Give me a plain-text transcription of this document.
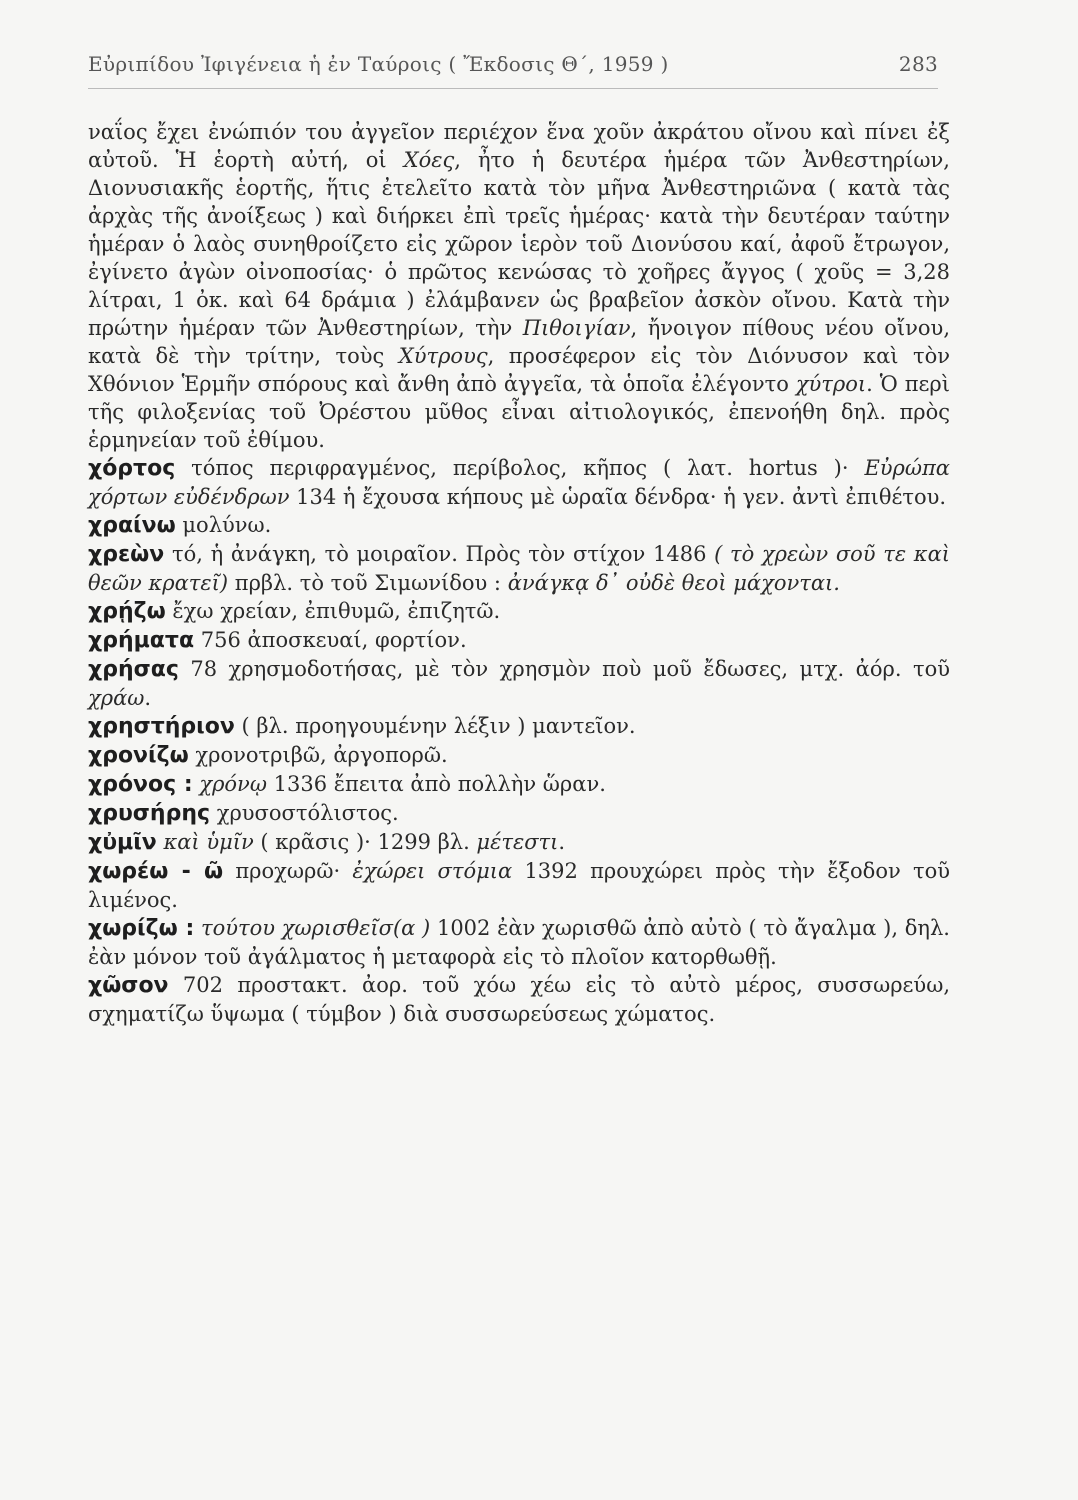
Εὐριπίδου Ἰφιγένεια ἡ ἐν Ταύροις ( Ἔκδοσις Θ΄, 1959 )	283

ναΐος ἔχει ἐνώπιόν του ἀγγεῖον περιέχον ἕνα χοῦν ἀκράτου οἴνου καὶ πίνει ἐξ αὐτοῦ. Ἡ ἑορτὴ αὐτή, οἱ Χόες, ἦτο ἡ δευτέρα ἡμέρα τῶν Ἀνθεστηρίων, Διονυσιακῆς ἑορτῆς, ἥτις ἐτελεῖτο κατὰ τὸν μῆνα Ἀνθεστηριῶνα ( κατὰ τὰς ἀρχὰς τῆς ἀνοίξεως ) καὶ διήρκει ἐπὶ τρεῖς ἡμέρας· κατὰ τὴν δευτέραν ταύτην ἡμέραν ὁ λαὸς συνηθροίζετο εἰς χῶρον ἱερὸν τοῦ Διονύσου καί, ἀφοῦ ἔτρωγον, ἐγίνετο ἀγὼν οἰνοποσίας· ὁ πρῶτος κενώσας τὸ χοῆρες ἄγγος ( χοῦς = 3,28 λίτραι, 1 ὀκ. καὶ 64 δράμια ) ἐλάμβανεν ὡς βραβεῖον ἀσκὸν οἴνου. Κατὰ τὴν πρώτην ἡμέραν τῶν Ἀνθεστηρίων, τὴν Πιθοιγίαν, ἤνοιγον πίθους νέου οἴνου, κατὰ δὲ τὴν τρίτην, τοὺς Χύτρους, προσέφερον εἰς τὸν Διόνυσον καὶ τὸν Χθόνιον Ἑρμῆν σπόρους καὶ ἄνθη ἀπὸ ἀγγεῖα, τὰ ὁποῖα ἐλέγοντο χύτροι. Ὁ περὶ τῆς φιλοξενίας τοῦ Ὀρέστου μῦθος εἶναι αἰτιολογικός, ἐπενοήθη δηλ. πρὸς ἑρμηνείαν τοῦ ἐθίμου.

χόρτος τόπος περιφραγμένος, περίβολος, κῆπος ( λατ. hortus )· Εὐρώπα χόρτων εὐδένδρων 134 ἡ ἔχουσα κήπους μὲ ὡραῖα δένδρα· ἡ γεν. ἀντὶ ἐπιθέτου.

χραίνω μολύνω.

χρεὼν τό, ἡ ἀνάγκη, τὸ μοιραῖον. Πρὸς τὸν στίχον 1486 ( τὸ χρεὼν σοῦ τε καὶ θεῶν κρατεῖ) πρβλ. τὸ τοῦ Σιμωνίδου : ἀνάγκᾳ δ᾽ οὐδὲ θεοὶ μάχονται.

χρῄζω ἔχω χρείαν, ἐπιθυμῶ, ἐπιζητῶ.

χρήματα 756 ἀποσκευαί, φορτίον.

χρήσας 78 χρησμοδοτήσας, μὲ τὸν χρησμὸν ποὺ μοῦ ἔδωσες, μτχ. ἀόρ. τοῦ χράω.

χρηστήριον ( βλ. προηγουμένην λέξιν ) μαντεῖον.

χρονίζω χρονοτριβῶ, ἀργοπορῶ.

χρόνος : χρόνῳ 1336 ἔπειτα ἀπὸ πολλὴν ὥραν.

χρυσήρης χρυσοστόλιστος.

χὐμῖν καὶ ὑμῖν ( κρᾶσις )· 1299 βλ. μέτεστι.

χωρέω - ῶ προχωρῶ· ἐχώρει στόμια 1392 προυχώρει πρὸς τὴν ἔξοδον τοῦ λιμένος.

χωρίζω : τούτου χωρισθεῖσ(α ) 1002 ἐὰν χωρισθῶ ἀπὸ αὐτὸ ( τὸ ἄγαλμα ), δηλ. ἐὰν μόνον τοῦ ἀγάλματος ἡ μεταφορὰ εἰς τὸ πλοῖον κατορθωθῇ.

χῶσον 702 προστακτ. ἀορ. τοῦ χόω χέω εἰς τὸ αὐτὸ μέρος, συσσωρεύω, σχηματίζω ὕψωμα ( τύμβον ) διὰ συσσωρεύσεως χώματος.
